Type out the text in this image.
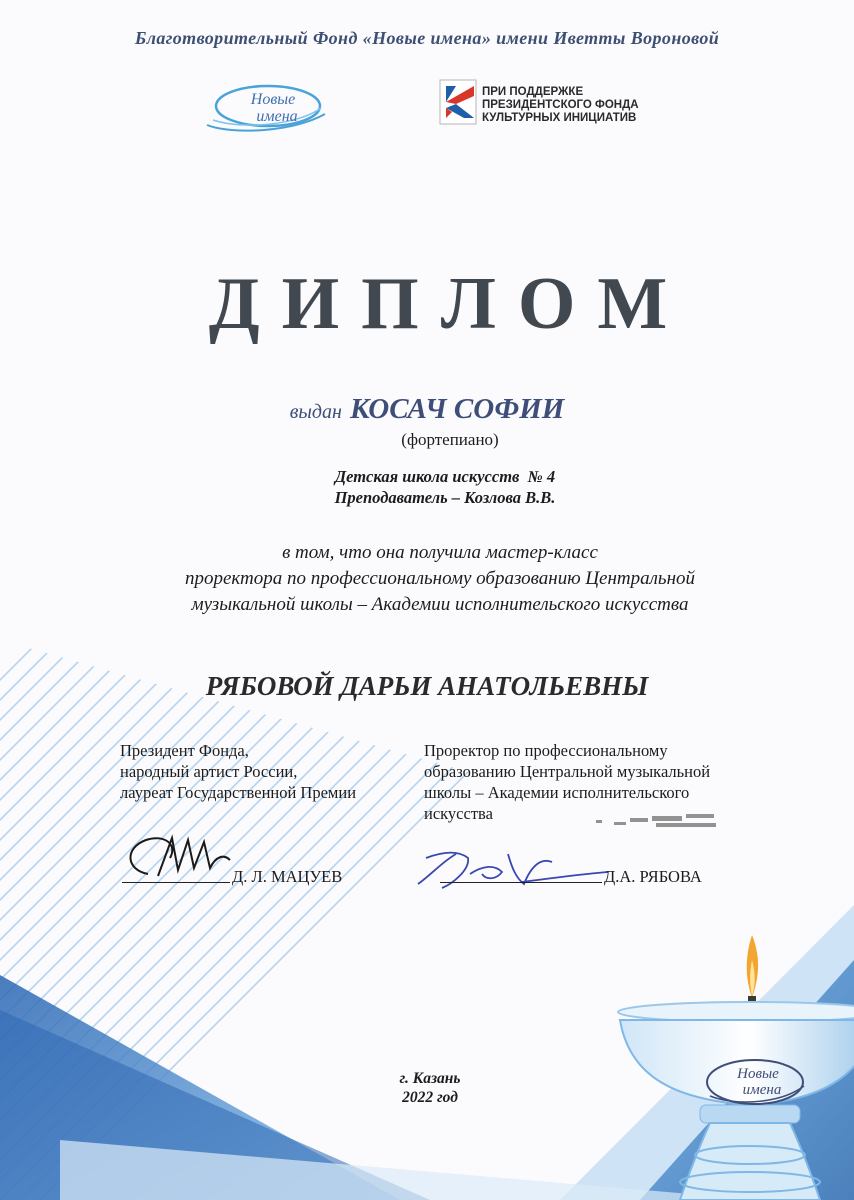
Новые
имена
Благотворительный Фонд «Новые имена» имени Иветты Вороновой
Новые
имена
ПРИ ПОДДЕРЖКЕ
ПРЕЗИДЕНТСКОГО ФОНДА
КУЛЬТУРНЫХ ИНИЦИАТИВ
ДИПЛОМ
выдан КОСАЧ СОФИИ
(фортепиано)
Детская школа искусств  № 4
Преподаватель – Козлова В.В.
в том, что она получила мастер-класс
проректора по профессиональному образованию Центральной
музыкальной школы – Академии исполнительского искусства
РЯБОВОЙ ДАРЬИ АНАТОЛЬЕВНЫ
Президент Фонда,
народный артист России,
лауреат Государственной Премии
Проректор по профессиональному
образованию Центральной музыкальной
школы – Академии исполнительского
искусства
Д. Л. МАЦУЕВ	Д.А. РЯБОВА
г. Казань
2022 год
